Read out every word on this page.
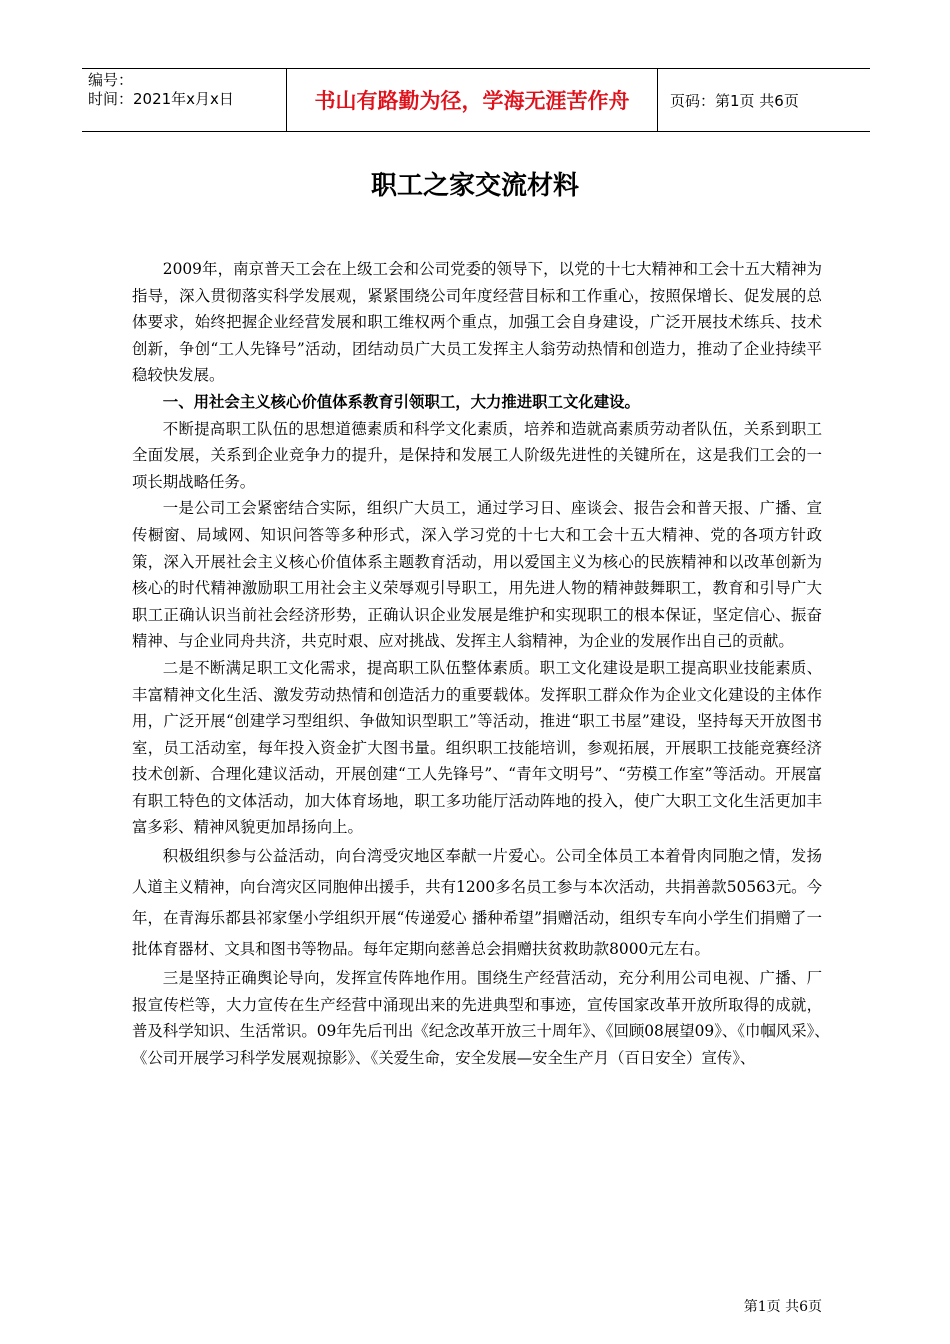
编号：
时间：2021年x月x日	书山有路勤为径，学海无涯苦作舟	页码：第1页 共6页
职工之家交流材料

2009年，南京普天工会在上级工会和公司党委的领导下，以党的十七大精神和工会十五大精神为指导，深入贯彻落实科学发展观，紧紧围绕公司年度经营目标和工作重心，按照保增长、促发展的总体要求，始终把握企业经营发展和职工维权两个重点，加强工会自身建设，广泛开展技术练兵、技术创新，争创“工人先锋号”活动，团结动员广大员工发挥主人翁劳动热情和创造力，推动了企业持续平稳较快发展。

一、用社会主义核心价值体系教育引领职工，大力推进职工文化建设。

不断提高职工队伍的思想道德素质和科学文化素质，培养和造就高素质劳动者队伍，关系到职工全面发展，关系到企业竞争力的提升，是保持和发展工人阶级先进性的关键所在，这是我们工会的一项长期战略任务。

一是公司工会紧密结合实际，组织广大员工，通过学习日、座谈会、报告会和普天报、广播、宣传橱窗、局域网、知识问答等多种形式，深入学习党的十七大和工会十五大精神、党的各项方针政策，深入开展社会主义核心价值体系主题教育活动，用以爱国主义为核心的民族精神和以改革创新为核心的时代精神激励职工用社会主义荣辱观引导职工，用先进人物的精神鼓舞职工，教育和引导广大职工正确认识当前社会经济形势，正确认识企业发展是维护和实现职工的根本保证，坚定信心、振奋精神、与企业同舟共济，共克时艰、应对挑战、发挥主人翁精神，为企业的发展作出自己的贡献。

二是不断满足职工文化需求，提高职工队伍整体素质。职工文化建设是职工提高职业技能素质、丰富精神文化生活、激发劳动热情和创造活力的重要载体。发挥职工群众作为企业文化建设的主体作用，广泛开展“创建学习型组织、争做知识型职工”等活动，推进“职工书屋”建设，坚持每天开放图书室，员工活动室，每年投入资金扩大图书量。组织职工技能培训，参观拓展，开展职工技能竞赛经济技术创新、合理化建议活动，开展创建“工人先锋号”、“青年文明号”、“劳模工作室”等活动。开展富有职工特色的文体活动，加大体育场地，职工多功能厅活动阵地的投入，使广大职工文化生活更加丰富多彩、精神风貌更加昂扬向上。

积极组织参与公益活动，向台湾受灾地区奉献一片爱心。公司全体员工本着骨肉同胞之情，发扬人道主义精神，向台湾灾区同胞伸出援手，共有1200多名员工参与本次活动，共捐善款50563元。今年，在青海乐都县祁家堡小学组织开展“传递爱心 播种希望”捐赠活动，组织专车向小学生们捐赠了一批体育器材、文具和图书等物品。每年定期向慈善总会捐赠扶贫救助款8000元左右。

三是坚持正确舆论导向，发挥宣传阵地作用。围绕生产经营活动，充分利用公司电视、广播、厂报宣传栏等，大力宣传在生产经营中涌现出来的先进典型和事迹，宣传国家改革开放所取得的成就，普及科学知识、生活常识。09年先后刊出《纪念改革开放三十周年》、《回顾08展望09》、《巾帼风采》、　《公司开展学习科学发展观掠影》、《关爱生命，安全发展—安全生产月（百日安全）宣传》、

第1页 共6页
